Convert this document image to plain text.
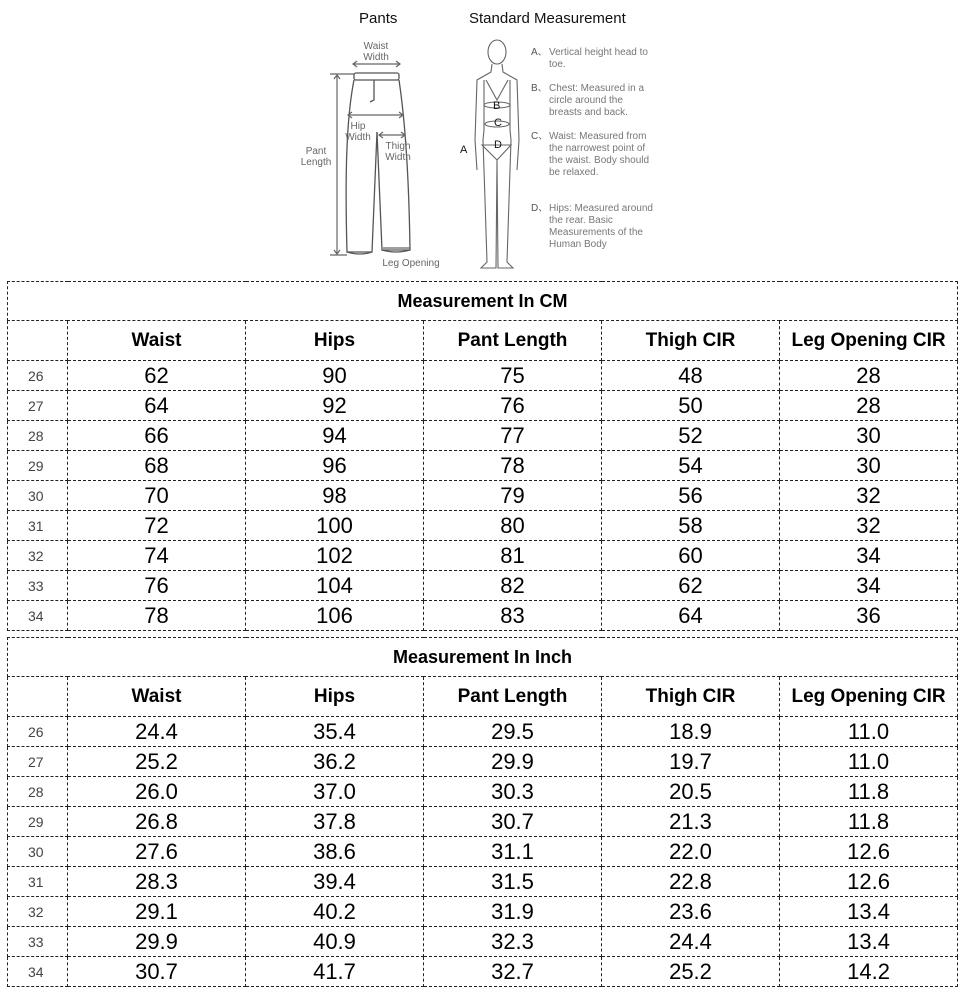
Pants
Waist
Width
Hip
Width
Thigh
Width
Pant
Length
Leg Opening
Standard Measurement
A
B
C
D
A、 Vertical height head to toe.
B、 Chest: Measured in a circle around the breasts and back.
C、 Waist: Measured from the narrowest point of the waist. Body should be relaxed.
D、 Hips: Measured around the rear. Basic Measurements of the Human Body
Measurement In CM					
	Waist	Hips	Pant Length	Thigh CIR	Leg Opening CIR
26	62	90	75	48	28
27	64	92	76	50	28
28	66	94	77	52	30
29	68	96	78	54	30
30	70	98	79	56	32
31	72	100	80	58	32
32	74	102	81	60	34
33	76	104	82	62	34
34	78	106	83	64	36
Measurement In Inch					
	Waist	Hips	Pant Length	Thigh CIR	Leg Opening CIR
26	24.4	35.4	29.5	18.9	11.0
27	25.2	36.2	29.9	19.7	11.0
28	26.0	37.0	30.3	20.5	11.8
29	26.8	37.8	30.7	21.3	11.8
30	27.6	38.6	31.1	22.0	12.6
31	28.3	39.4	31.5	22.8	12.6
32	29.1	40.2	31.9	23.6	13.4
33	29.9	40.9	32.3	24.4	13.4
34	30.7	41.7	32.7	25.2	14.2
